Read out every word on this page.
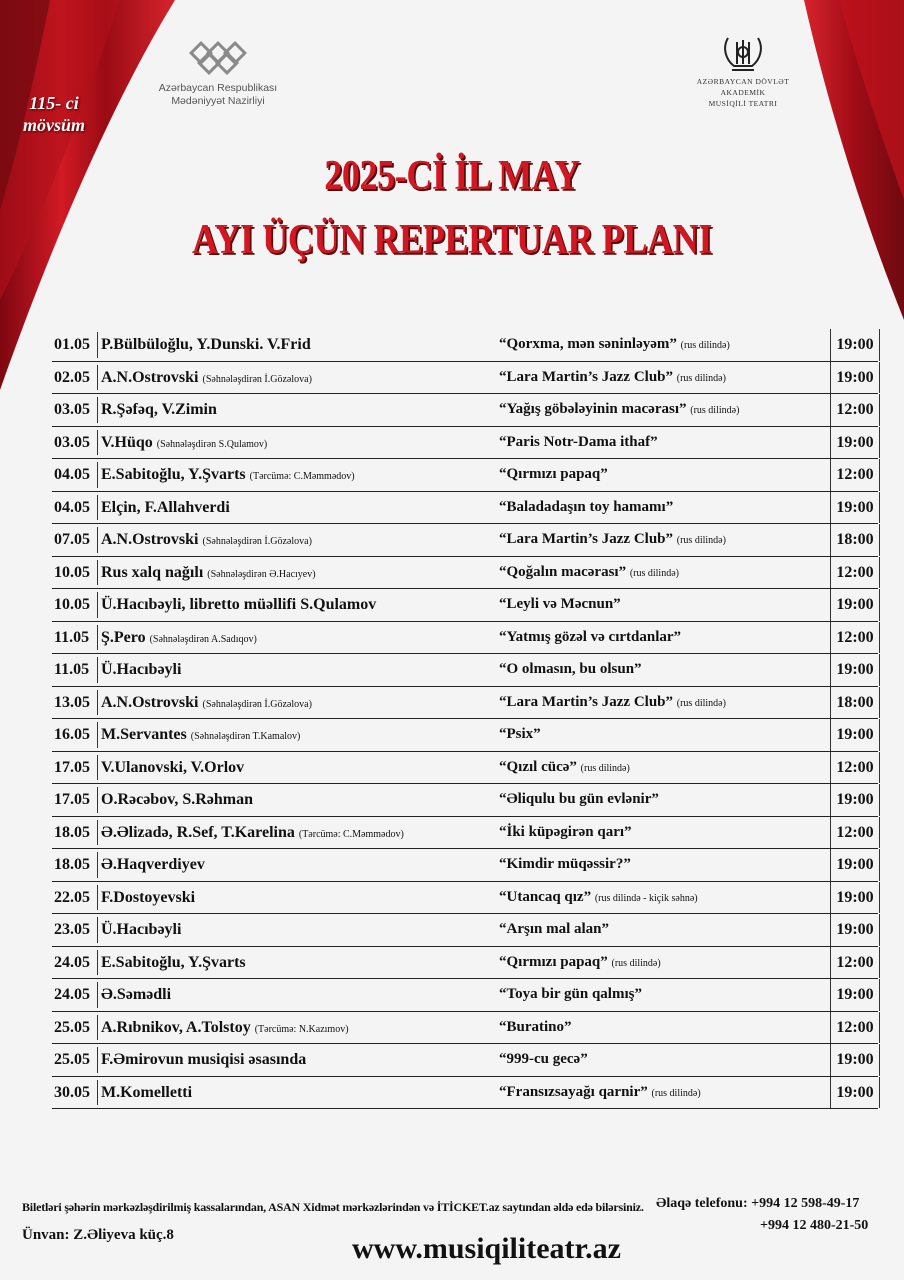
115- ci
mövsüm
Azərbaycan Respublikası
Mədəniyyət Nazirliyi
AZƏRBAYCAN DÖVLƏT
AKADEMİK
MUSİQİLİ TEATRI
2025-Cİ İL MAY
AYI ÜÇÜN REPERTUAR PLANI
01.05 P.Bülbüloğlu, Y.Dunski. V.Frid	“Qorxma, mən səninləyəm” (rus dilində)	19:00
02.05 A.N.Ostrovski (Səhnələşdirən İ.Gözəlova)	“Lara Martin’s Jazz Club” (rus dilində)	19:00
03.05 R.Şəfəq, V.Zimin	“Yağış göbələyinin macərası” (rus dilində)	12:00
03.05 V.Hüqo (Səhnələşdirən S.Qulamov)	“Paris Notr-Dama ithaf”	19:00
04.05 E.Sabitoğlu, Y.Şvarts (Tərcümə: C.Məmmədov)	“Qırmızı papaq”	12:00
04.05 Elçin, F.Allahverdi	“Baladadaşın toy hamamı”	19:00
07.05 A.N.Ostrovski (Səhnələşdirən İ.Gözəlova)	“Lara Martin’s Jazz Club” (rus dilində)	18:00
10.05 Rus xalq nağılı (Səhnələşdirən Ə.Hacıyev)	“Qoğalın macərası” (rus dilində)	12:00
10.05 Ü.Hacıbəyli, libretto müəllifi S.Qulamov	“Leyli və Məcnun”	19:00
11.05 Ş.Pero (Səhnələşdirən A.Sadıqov)	“Yatmış gözəl və cırtdanlar”	12:00
11.05 Ü.Hacıbəyli	“O olmasın, bu olsun”	19:00
13.05 A.N.Ostrovski (Səhnələşdirən İ.Gözəlova)	“Lara Martin’s Jazz Club” (rus dilində)	18:00
16.05 M.Servantes (Səhnələşdirən T.Kamalov)	“Psix”	19:00
17.05 V.Ulanovski, V.Orlov	“Qızıl cücə” (rus dilində)	12:00
17.05 O.Rəcəbov, S.Rəhman	“Əliqulu bu gün evlənir”	19:00
18.05 Ə.Əlizadə, R.Sef, T.Karelina (Tərcümə: C.Məmmədov)	“İki küpəgirən qarı”	12:00
18.05 Ə.Haqverdiyev	“Kimdir müqəssir?”	19:00
22.05 F.Dostoyevski	“Utancaq qız” (rus dilində - kiçik səhnə)	19:00
23.05 Ü.Hacıbəyli	“Arşın mal alan”	19:00
24.05 E.Sabitoğlu, Y.Şvarts	“Qırmızı papaq” (rus dilində)	12:00
24.05 Ə.Səmədli	“Toya bir gün qalmış”	19:00
25.05 A.Rıbnikov, A.Tolstoy (Tərcümə: N.Kazımov)	“Buratino”	12:00
25.05 F.Əmirovun musiqisi əsasında	“999-cu gecə”	19:00
30.05 M.Komelletti	“Fransızsayağı qarnir” (rus dilində)	19:00
Biletləri şəhərin mərkəzləşdirilmiş kassalarından, ASAN Xidmət mərkəzlərindən və İTİCKET.az saytından əldə edə bilərsiniz. Əlaqə telefonu: +994 12 598-49-17
+994 12 480-21-50
Ünvan: Z.Əliyeva küç.8	www.musiqiliteatr.az
